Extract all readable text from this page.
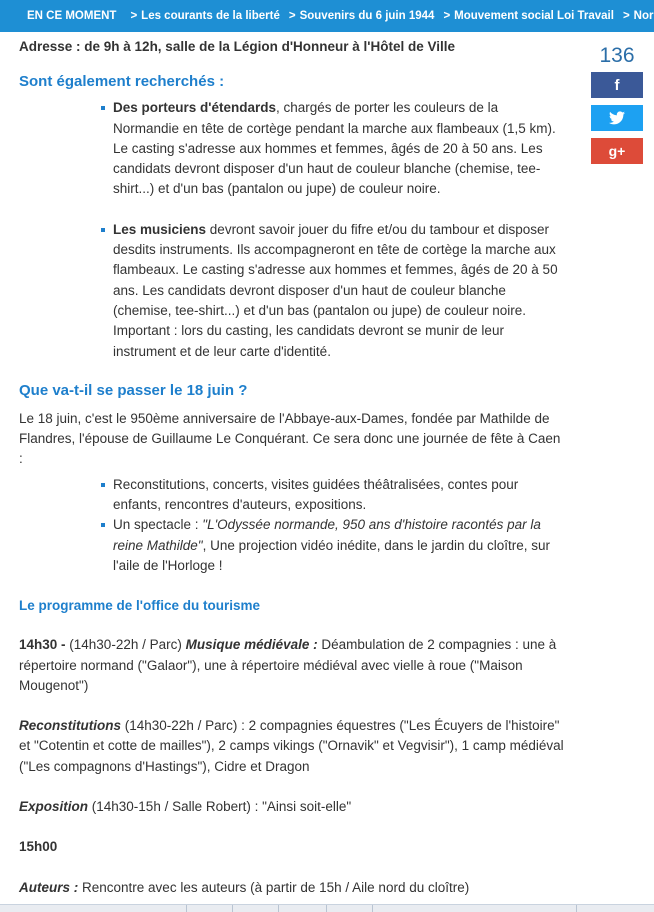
EN CE MOMENT	> Les courants de la liberté > Souvenirs du 6 juin 1944 > Mouvement social Loi Travail > Nor

Adresse : de 9h à 12h, salle de la Légion d'Honneur à l'Hôtel de Ville

Sont également recherchés :
Des porteurs d'étendards, chargés de porter les couleurs de la Normandie en tête de cortège pendant la marche aux flambeaux (1,5 km). Le casting s'adresse aux hommes et femmes, âgés de 20 à 50 ans. Les candidats devront disposer d'un haut de couleur blanche (chemise, tee-shirt...) et d'un bas (pantalon ou jupe) de couleur noire.
Les musiciens devront savoir jouer du fifre et/ou du tambour et disposer desdits instruments. Ils accompagneront en tête de cortège la marche aux flambeaux. Le casting s'adresse aux hommes et femmes, âgés de 20 à 50 ans. Les candidats devront disposer d'un haut de couleur blanche (chemise, tee-shirt...) et d'un bas (pantalon ou jupe) de couleur noire. Important : lors du casting, les candidats devront se munir de leur instrument et de leur carte d'identité.
Que va-t-il se passer le 18 juin ?

Le 18 juin, c'est le 950ème anniversaire de l'Abbaye-aux-Dames, fondée par Mathilde de Flandres, l'épouse de Guillaume Le Conquérant. Ce sera donc une journée de fête à Caen :

Reconstitutions, concerts, visites guidées théâtralisées, contes pour enfants, rencontres d'auteurs, expositions.
Un spectacle : "L'Odyssée normande, 950 ans d'histoire racontés par la reine Mathilde", Une projection vidéo inédite, dans le jardin du cloître, sur l'aile de l'Horloge !
Le programme de l'office du tourisme

14h30 - (14h30-22h / Parc) Musique médiévale : Déambulation de 2 compagnies : une à répertoire normand ("Galaor"), une à répertoire médiéval avec vielle à roue ("Maison Mougenot")

Reconstitutions (14h30-22h / Parc) : 2 compagnies équestres ("Les Écuyers de l'histoire" et "Cotentin et cotte de mailles"), 2 camps vikings ("Ornavik" et Vegvisir"), 1 camp médiéval ("Les compagnons d'Hastings"), Cidre et Dragon

Exposition (14h30-15h / Salle Robert) : "Ainsi soit-elle"

15h00

Auteurs : Rencontre avec les auteurs (à partir de 15h / Aile nord du cloître)

136
f
g+
